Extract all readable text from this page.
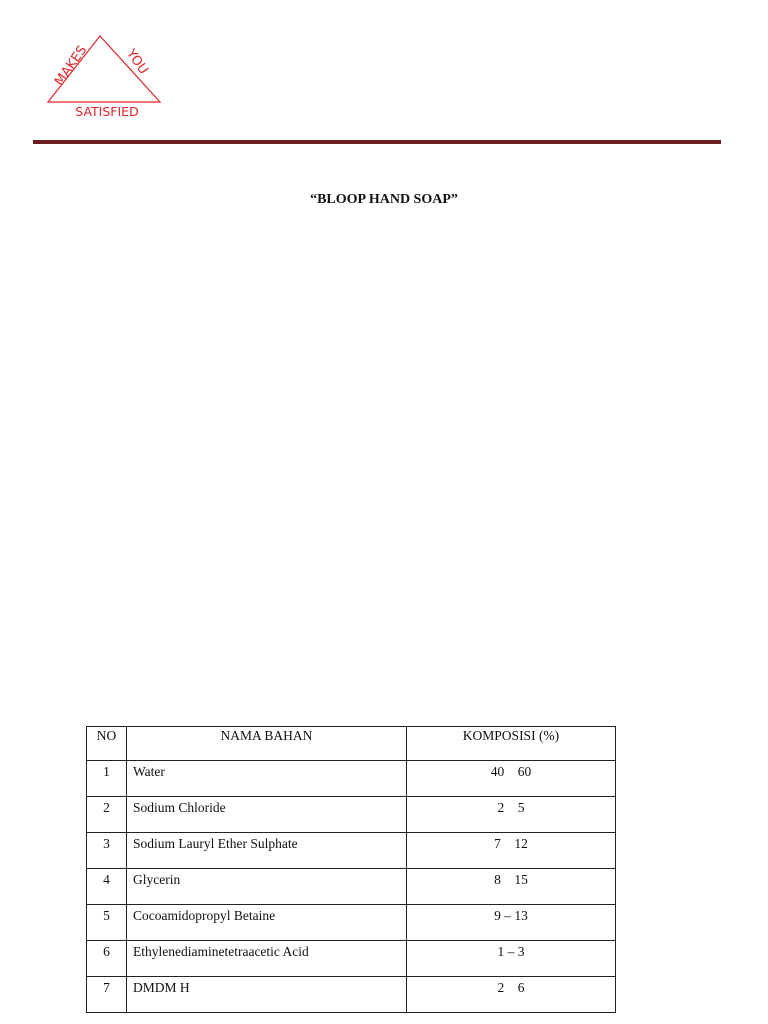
MAKES	YOU
SATISFIED
“BLOOP HAND SOAP”
NO	NAMA BAHAN	KOMPOSISI (%)
1	Water	40    60
2	Sodium Chloride	2    5
3	Sodium Lauryl Ether Sulphate	7    12
4	Glycerin	8    15
5	Cocoamidopropyl Betaine	9 – 13
6	Ethylenediaminetetraacetic Acid	1 – 3
7	DMDM H	2    6
